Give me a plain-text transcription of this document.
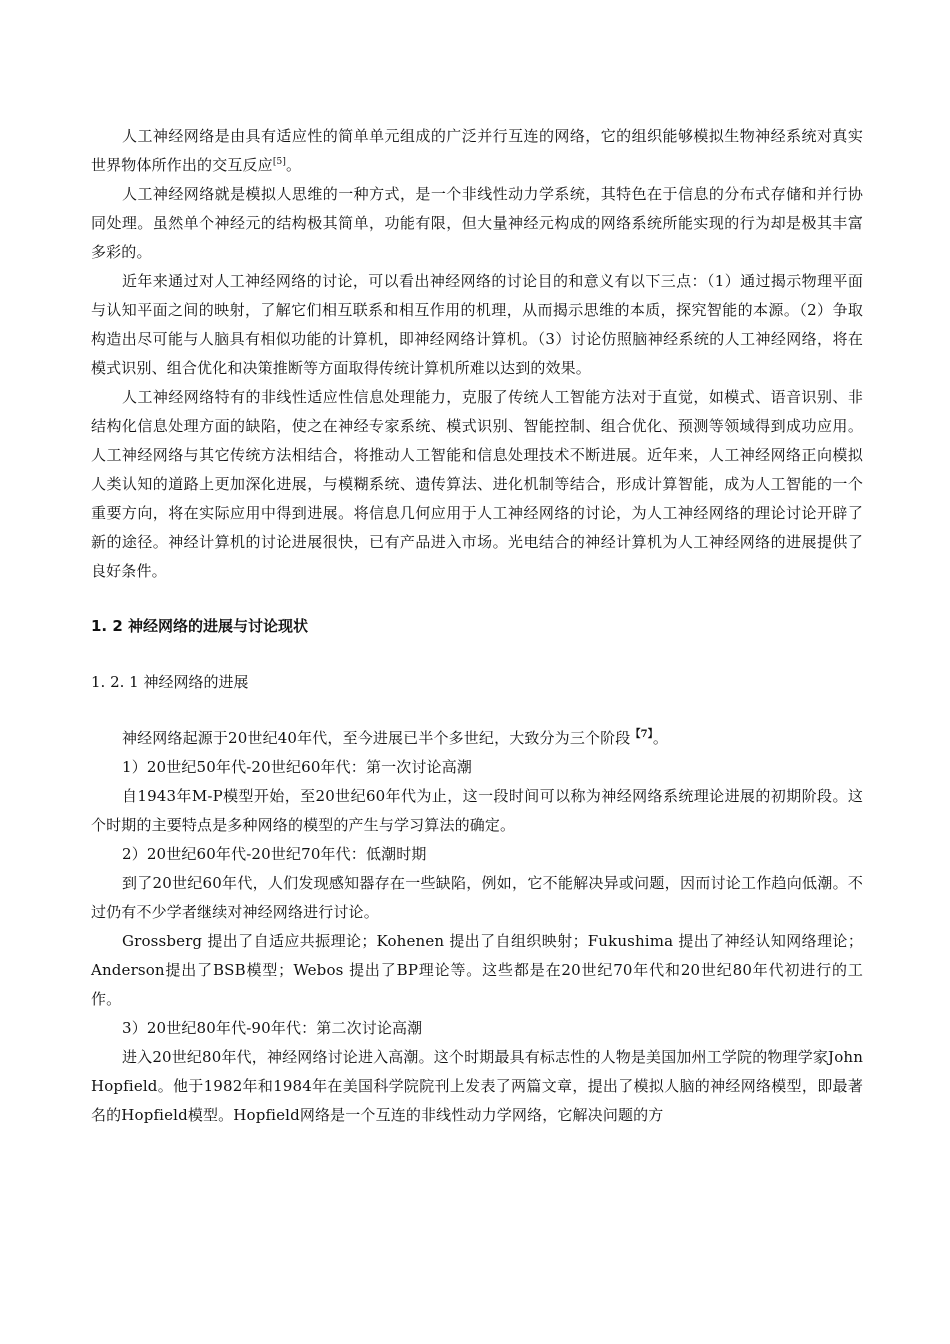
人工神经网络是由具有适应性的简单单元组成的广泛并行互连的网络，它的组织能够模拟生物神经系统对真实世界物体所作出的交互反应[5]。

人工神经网络就是模拟人思维的一种方式，是一个非线性动力学系统，其特色在于信息的分布式存储和并行协同处理。虽然单个神经元的结构极其简单，功能有限，但大量神经元构成的网络系统所能实现的行为却是极其丰富多彩的。

近年来通过对人工神经网络的讨论，可以看出神经网络的讨论目的和意义有以下三点：（1）通过揭示物理平面与认知平面之间的映射，了解它们相互联系和相互作用的机理，从而揭示思维的本质，探究智能的本源。（2）争取构造出尽可能与人脑具有相似功能的计算机，即神经网络计算机。（3）讨论仿照脑神经系统的人工神经网络，将在模式识别、组合优化和决策推断等方面取得传统计算机所难以达到的效果。

人工神经网络特有的非线性适应性信息处理能力，克服了传统人工智能方法对于直觉，如模式、语音识别、非结构化信息处理方面的缺陷，使之在神经专家系统、模式识别、智能控制、组合优化、预测等领域得到成功应用。人工神经网络与其它传统方法相结合，将推动人工智能和信息处理技术不断进展。近年来，人工神经网络正向模拟人类认知的道路上更加深化进展，与模糊系统、遗传算法、进化机制等结合，形成计算智能，成为人工智能的一个重要方向，将在实际应用中得到进展。将信息几何应用于人工神经网络的讨论，为人工神经网络的理论讨论开辟了新的途径。神经计算机的讨论进展很快，已有产品进入市场。光电结合的神经计算机为人工神经网络的进展提供了良好条件。

1. 2 神经网络的进展与讨论现状

1. 2. 1 神经网络的进展

神经网络起源于20世纪40年代，至今进展已半个多世纪，大致分为三个阶段$^{【7】}$。

1）20世纪50年代-20世纪60年代：第一次讨论高潮

自1943年M-P模型开始，至20世纪60年代为止，这一段时间可以称为神经网络系统理论进展的初期阶段。这个时期的主要特点是多种网络的模型的产生与学习算法的确定。

2）20世纪60年代-20世纪70年代：低潮时期

到了20世纪60年代，人们发现感知器存在一些缺陷，例如，它不能解决异或问题，因而讨论工作趋向低潮。不过仍有不少学者继续对神经网络进行讨论。

Grossberg 提出了自适应共振理论；Kohenen 提出了自组织映射；Fukushima 提出了神经认知网络理论；Anderson提出了BSB模型；Webos 提出了BP理论等。这些都是在20世纪70年代和20世纪80年代初进行的工作。

3）20世纪80年代-90年代：第二次讨论高潮

进入20世纪80年代，神经网络讨论进入高潮。这个时期最具有标志性的人物是美国加州工学院的物理学家John Hopfield。他于1982年和1984年在美国科学院院刊上发表了两篇文章，提出了模拟人脑的神经网络模型，即最著名的Hopfield模型。Hopfield网络是一个互连的非线性动力学网络，它解决问题的方
